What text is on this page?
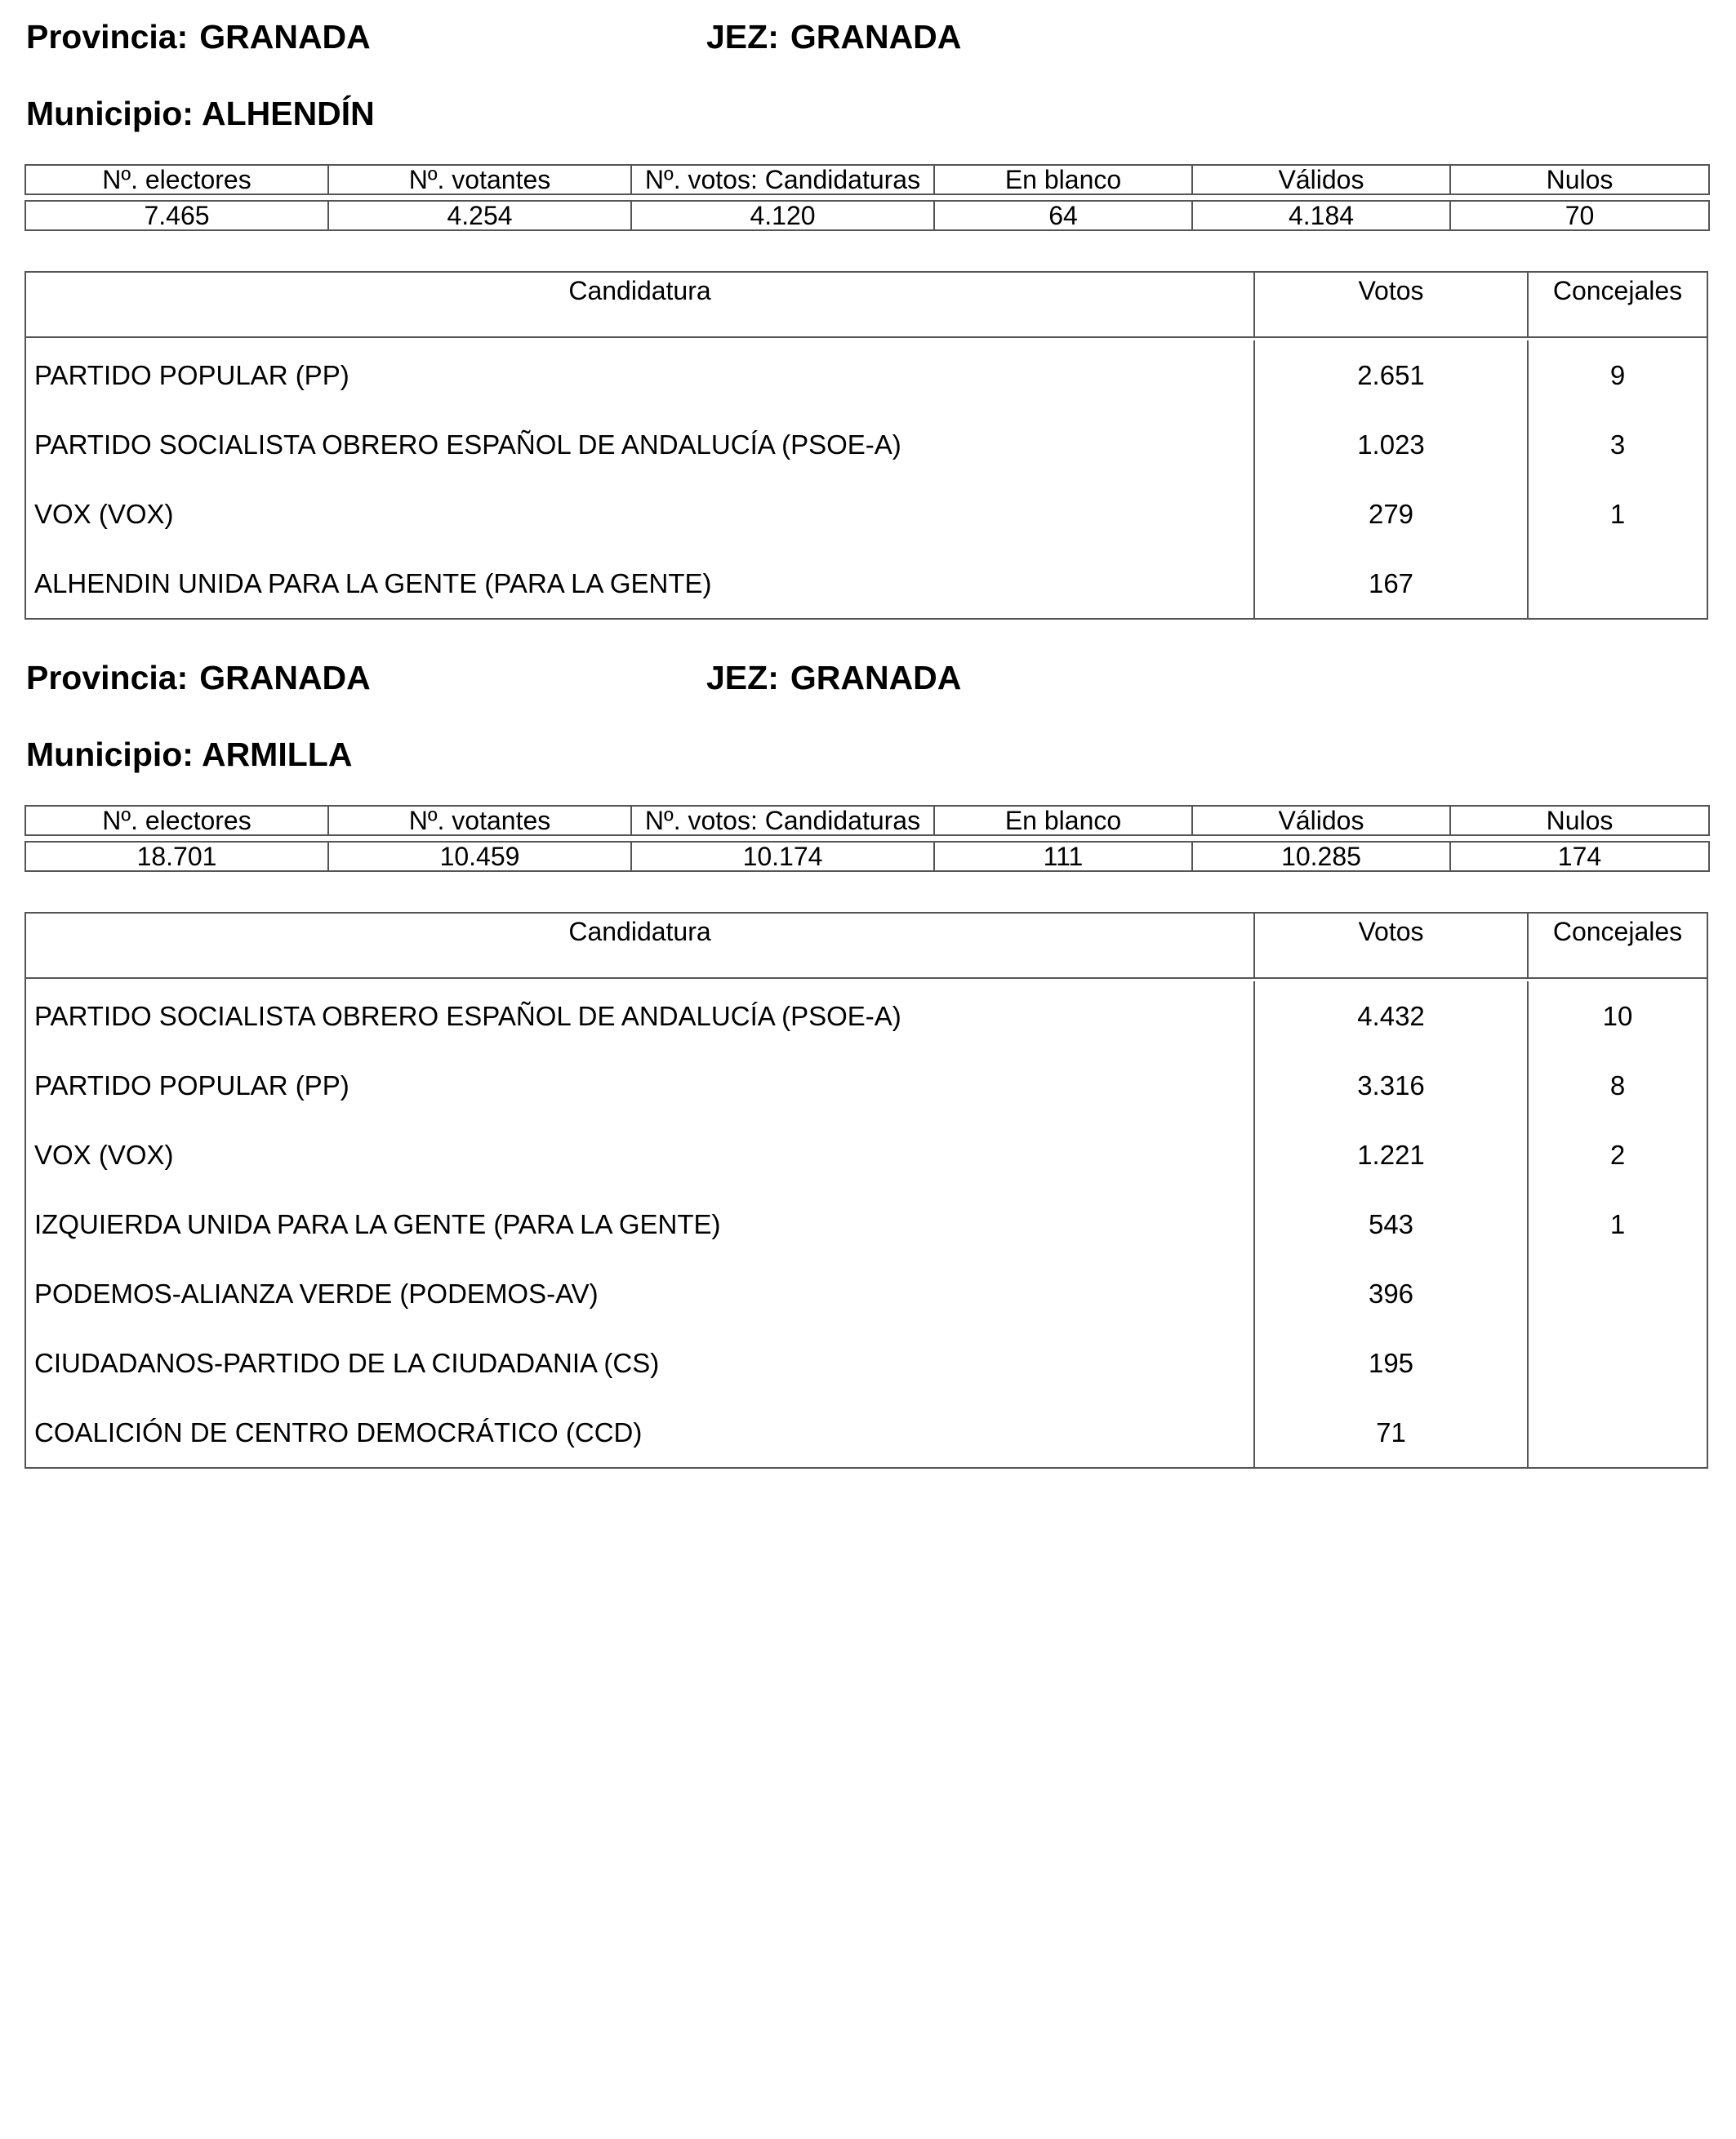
Provincia: GRANADA	JEZ: GRANADA
Municipio: ALHENDÍN
Nº. electores	Nº. votantes	Nº. votos: Candidaturas	En blanco	Válidos	Nulos

7.465	4.254	4.120	64	4.184	70
Candidatura	Votos	Concejales
PARTIDO POPULAR (PP)	2.651	9
PARTIDO SOCIALISTA OBRERO ESPAÑOL DE ANDALUCÍA (PSOE-A)	1.023	3
VOX (VOX)	279	1
ALHENDIN UNIDA PARA LA GENTE (PARA LA GENTE)	167
Provincia: GRANADA	JEZ: GRANADA
Municipio: ARMILLA
Nº. electores	Nº. votantes	Nº. votos: Candidaturas	En blanco	Válidos	Nulos

18.701	10.459	10.174	111	10.285	174
Candidatura	Votos	Concejales
PARTIDO SOCIALISTA OBRERO ESPAÑOL DE ANDALUCÍA (PSOE-A)	4.432	10
PARTIDO POPULAR (PP)	3.316	8
VOX (VOX)	1.221	2
IZQUIERDA UNIDA PARA LA GENTE (PARA LA GENTE)	543	1
PODEMOS-ALIANZA VERDE (PODEMOS-AV)	396
CIUDADANOS-PARTIDO DE LA CIUDADANIA (CS)	195
COALICIÓN DE CENTRO DEMOCRÁTICO (CCD)	71
